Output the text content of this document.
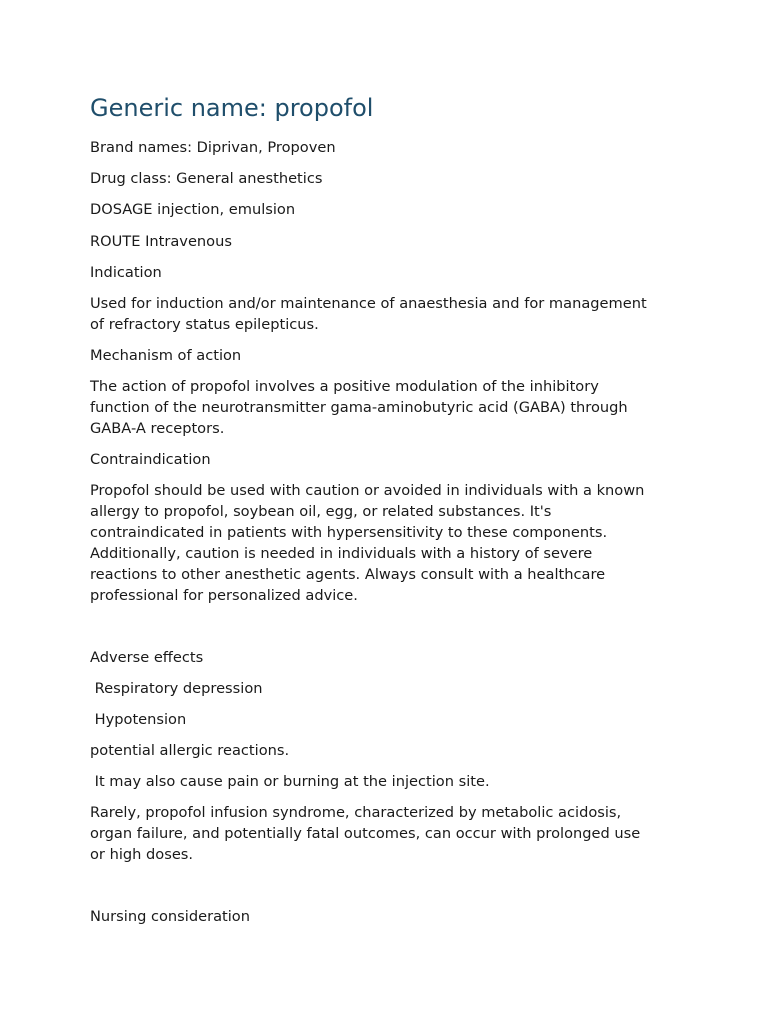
Generic name: propofol

Brand names: Diprivan, Propoven

Drug class: General anesthetics

DOSAGE injection, emulsion

ROUTE Intravenous

Indication

Used for induction and/or maintenance of anaesthesia and for management

of refractory status epilepticus.

Mechanism of action

The action of propofol involves a positive modulation of the inhibitory

function of the neurotransmitter gama-aminobutyric acid (GABA) through

GABA-A receptors.

Contraindication

Propofol should be used with caution or avoided in individuals with a known

allergy to propofol, soybean oil, egg, or related substances. It's

contraindicated in patients with hypersensitivity to these components.

Additionally, caution is needed in individuals with a history of severe

reactions to other anesthetic agents. Always consult with a healthcare

professional for personalized advice.

Adverse effects

Respiratory depression

Hypotension

potential allergic reactions.

It may also cause pain or burning at the injection site.

Rarely, propofol infusion syndrome, characterized by metabolic acidosis,

organ failure, and potentially fatal outcomes, can occur with prolonged use

or high doses.

Nursing consideration
